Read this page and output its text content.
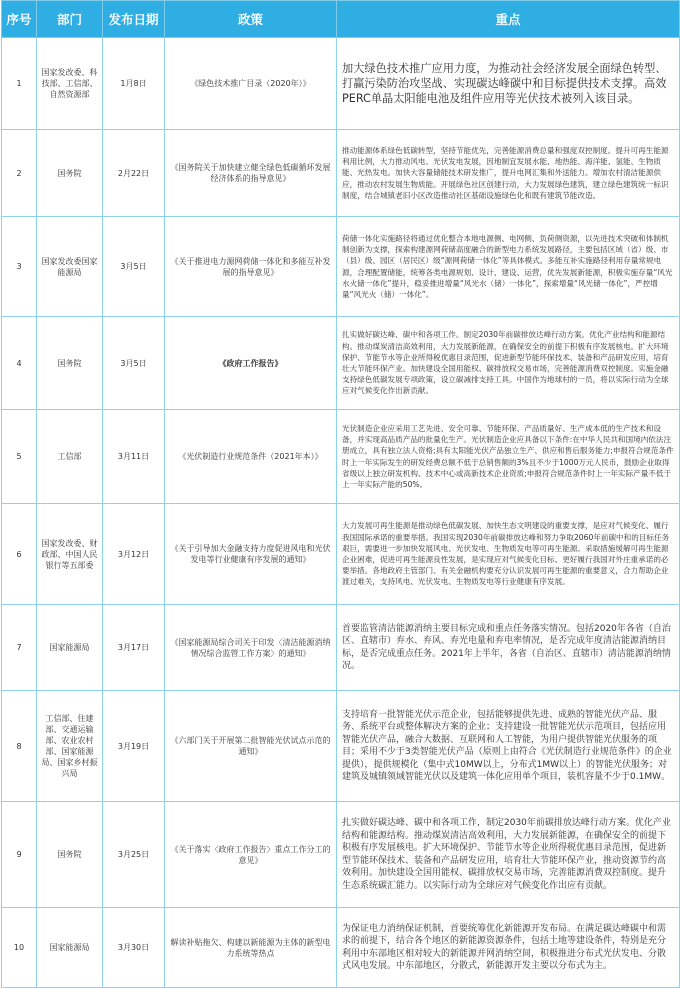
序号	部门	发布日期	政策	重点
1	国家发改委、科技部、工信部、自然资源部	1月8日	《绿色技术推广目录（2020年）》	加大绿色技术推广应用力度，为推动社会经济发展全面绿色转型、打赢污染防治攻坚战、实现碳达峰碳中和目标提供技术支撑。高效PERC单晶太阳能电池及组件应用等光伏技术被列入该目录。
2	国务院	2月22日	《国务院关于加快建立健全绿色低碳循环发展经济体系的指导意见》	推动能源体系绿色低碳转型，坚持节能优先，完善能源消费总量和强度双控制度。提升可再生能源利用比例，大力推动风电、光伏发电发展，因地制宜发展水能、地热能、海洋能、氢能、生物质能、光热发电。加快大容量储能技术研发推广，提升电网汇集和外送能力。增加农村清洁能源供应，推动农村发展生物质能。开展绿色社区创建行动，大力发展绿色建筑，建立绿色建筑统一标识制度，结合城镇老旧小区改造推动社区基础设施绿色化和既有建筑节能改造。
3	国家发改委国家能源局	3月5日	《关于推进电力源网荷储一体化和多能互补发展的指导意见》	荷储一体化实施路径将通过优化整合本地电源侧、电网侧、负荷侧资源，以先进技术突破和体制机制创新为支撑，探索构建源网荷储高度融合的新型电力系统发展路径，主要包括区域（省）级、市（县）级、园区（居民区）级“源网荷储一体化”等具体模式。多能互补实施路径利用存量常规电源，合理配置储能，统筹各类电源规划、设计、建设、运营，优先发展新能源，积极实施存量“风光水火储一体化”提升，稳妥推进增量“风光水（储）一体化”，探索增量“风光储一体化”，严控增量“风光火（储）一体化”。
4	国务院	3月5日	《政府工作报告》	扎实做好碳达峰、碳中和各项工作。制定2030年前碳排放达峰行动方案。优化产业结构和能源结构。推动煤炭清洁高效利用，大力发展新能源，在确保安全的前提下积极有序发展核电。扩大环境保护、节能节水等企业所得税优惠目录范围，促进新型节能环保技术、装备和产品研发应用，培育壮大节能环保产业。加快建设全国用能权、碳排放权交易市场，完善能源消费双控制度。实施金融支持绿色低碳发展专项政策，设立碳减排支持工具。中国作为地球村的一员，将以实际行动为全球应对气候变化作出新贡献。
5	工信部	3月11日	《光伏制造行业规范条件（2021年本）》	光伏制造企业应采用工艺先进、安全可靠、节能环保、产品质量好、生产成本低的生产技术和设备，并实现高品质产品的批量化生产。光伏制造企业应具备以下条件:在中华人民共和国境内依法注册成立，具有独立法人资格;具有太阳能光伏产品独立生产、供应和售后服务能力;申报符合规范条件时上一年实际发生的研发经费总额不低于总销售额的3%且不少于1000万元人民币，鼓励企业取得省级以上独立研发机构、技术中心或高新技术企业资质;申报符合规范条件时上一年实际产量不低于上一年实际产能的50%。
6	国家发改委、财政部、中国人民银行等五部委	3月12日	《关于引导加大金融支持力度促进风电和光伏发电等行业健康有序发展的通知》	大力发展可再生能源是推动绿色低碳发展、加快生态文明建设的重要支撑，是应对气候变化、履行我国国际承诺的重要举措。我国实现2030年前碳排放达峰和努力争取2060年前碳中和的目标任务艰巨，需要进一步加快发展风电、光伏发电、生物质发电等可再生能源。采取措施缓解可再生能源企业困难，促进可再生能源良性发展，是实现应对气候变化目标、更好履行我国对外庄重承诺的必要举措。各地政府主管部门、有关金融机构要充分认识发展可再生能源的重要意义，合力帮助企业渡过难关，支持风电、光伏发电、生物质发电等行业健康有序发展。
7	国家能源局	3月17日	《国家能源局综合司关于印发〈清洁能源消纳情况综合监管工作方案〉的通知》	首要监管清洁能源消纳主要目标完成和重点任务落实情况。包括2020年各省（自治区、直辖市）弃水、弃风、弃光电量和弃电率情况，是否完成年度清洁能源消纳目标，是否完成重点任务。2021年上半年，各省（自治区、直辖市）清洁能源消纳情况。
8	工信部、住建部、交通运输部、农业农村部、国家能源局、国家乡村振兴局	3月19日	《六部门关于开展第二批智能光伏试点示范的通知》	支持培育一批智能光伏示范企业，包括能够提供先进、成熟的智能光伏产品、服务、系统平台或整体解决方案的企业；支持建设一批智能光伏示范项目，包括应用智能光伏产品，融合大数据、互联网和人工智能，为用户提供智能光伏服务的项目；采用不少于3类智能光伏产品（原则上由符合《光伏制造行业规范条件》的企业提供），提供规模化（集中式10MW以上，分布式1MW以上）的智能光伏服务；对建筑及城镇领域智能光伏以及建筑一体化应用单个项目，装机容量不少于0.1MW。
9	国务院	3月25日	《关于落实〈政府工作报告〉重点工作分工的意见》	扎实做好碳达峰、碳中和各项工作，制定2030年前碳排放达峰行动方案。优化产业结构和能源结构。推动煤炭清洁高效利用，大力发展新能源，在确保安全的前提下积极有序发展核电。扩大环境保护、节能节水等企业所得税优惠目录范围，促进新型节能环保技术、装备和产品研发应用，培育壮大节能环保产业，推动资源节约高效利用。加快建设全国用能权、碳排放权交易市场，完善能源消费双控制度。提升生态系统碳汇能力。以实际行动为全球应对气候变化作出应有贡献。
10	国家能源局	3月30日	解读补贴拖欠、构建以新能源为主体的新型电力系统等热点	为保证电力消纳保证机制，首要统筹优化新能源开发布局。在满足碳达峰碳中和需求的前提下，结合各个地区的新能源资源条件，包括土地等建设条件，特别是充分利用中东部地区相对较大的新能源并网消纳空间，积极推进分布式光伏发电、分散式风电发展。中东部地区，分散式，新能源开发主要以分布式为主。
